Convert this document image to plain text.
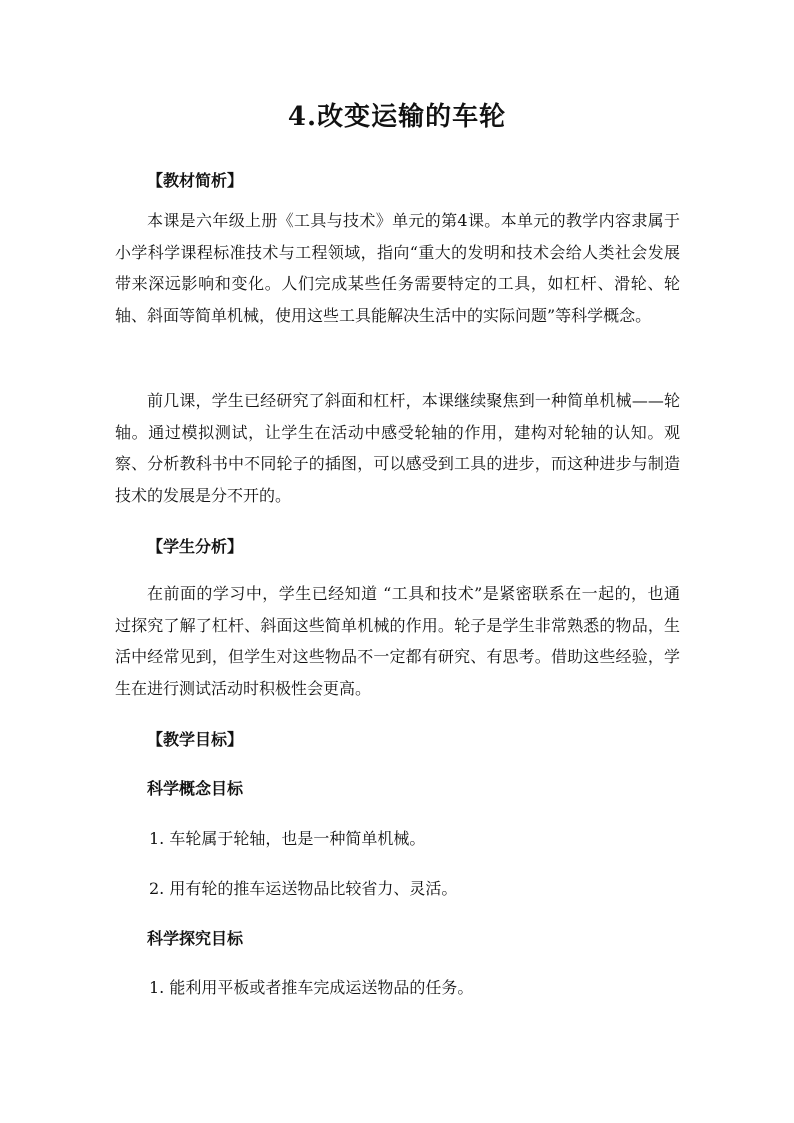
4.改变运输的车轮
【教材简析】
本课是六年级上册《工具与技术》单元的第4课。本单元的教学内容隶属于小学科学课程标准技术与工程领域，指向“重大的发明和技术会给人类社会发展带来深远影响和变化。人们完成某些任务需要特定的工具，如杠杆、滑轮、轮轴、斜面等简单机械，使用这些工具能解决生活中的实际问题”等科学概念。
前几课，学生已经研究了斜面和杠杆，本课继续聚焦到一种简单机械——轮轴。通过模拟测试，让学生在活动中感受轮轴的作用，建构对轮轴的认知。观察、分析教科书中不同轮子的插图，可以感受到工具的进步，而这种进步与制造技术的发展是分不开的。
【学生分析】
在前面的学习中，学生已经知道 “工具和技术”是紧密联系在一起的，也通过探究了解了杠杆、斜面这些简单机械的作用。轮子是学生非常熟悉的物品，生活中经常见到，但学生对这些物品不一定都有研究、有思考。借助这些经验，学生在进行测试活动时积极性会更高。
【教学目标】
科学概念目标
1. 车轮属于轮轴，也是一种简单机械。
2. 用有轮的推车运送物品比较省力、灵活。
科学探究目标
1. 能利用平板或者推车完成运送物品的任务。
